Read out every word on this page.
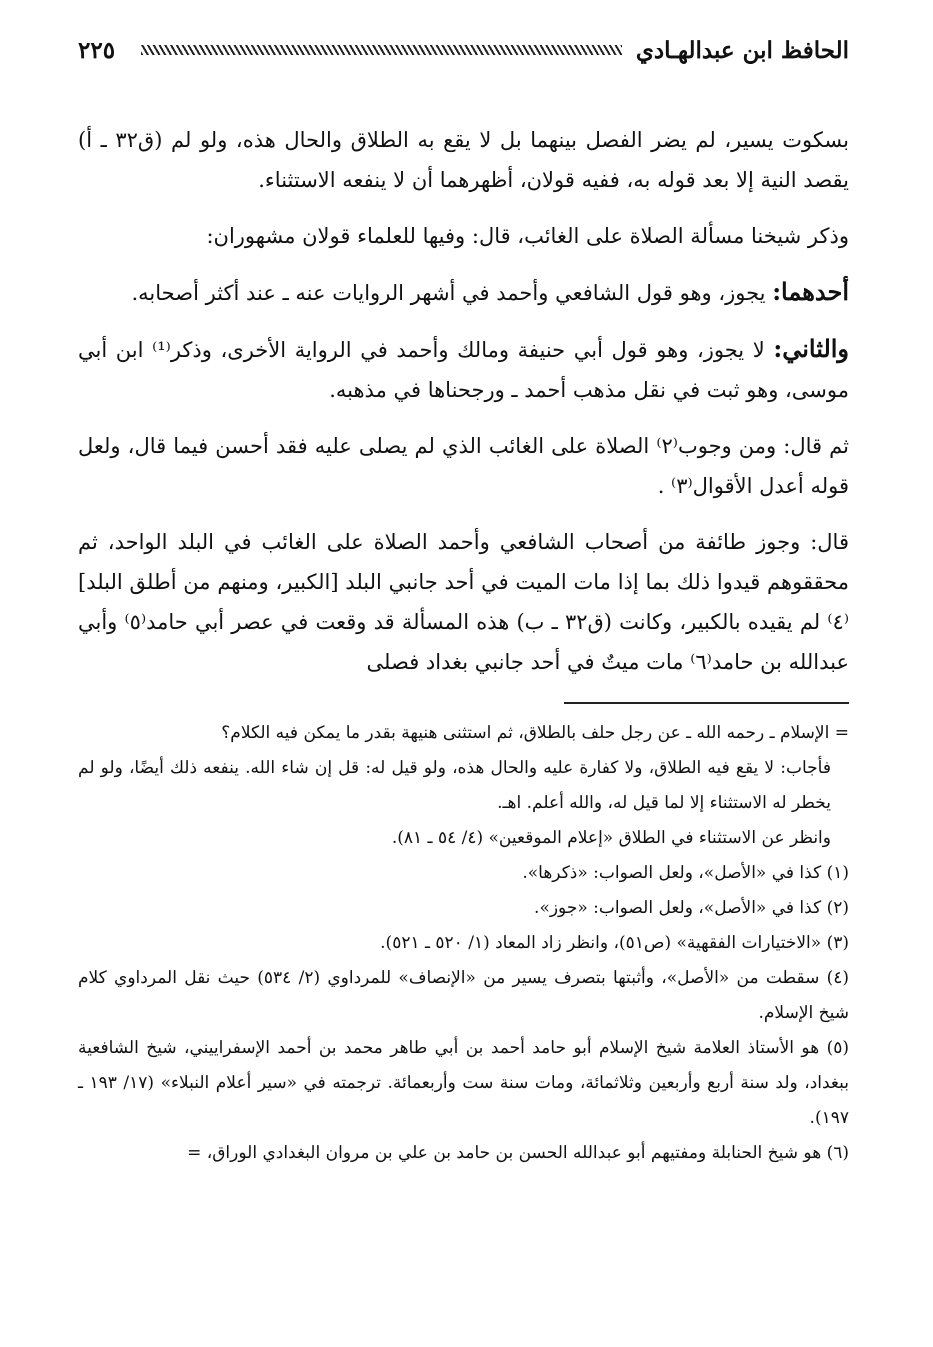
الحافظ ابن عبدالهـادي
٢٢٥

بسكوت يسير، لم يضر الفصل بينهما بل لا يقع به الطلاق والحال هذه، ولو لم (ق٣٢ ـ أ) يقصد النية إلا بعد قوله به، ففيه قولان، أظهرهما أن لا ينفعه الاستثناء.

وذكر شيخنا مسألة الصلاة على الغائب، قال: وفيها للعلماء قولان مشهوران:

أحدهما: يجوز، وهو قول الشافعي وأحمد في أشهر الروايات عنه ـ عند أكثر أصحابه.

والثاني: لا يجوز، وهو قول أبي حنيفة ومالك وأحمد في الرواية الأخرى، وذكر⁽¹⁾ ابن أبي موسى، وهو ثبت في نقل مذهب أحمد ـ ورجحناها في مذهبه.

ثم قال: ومن وجوب⁽٢⁾ الصلاة على الغائب الذي لم يصلى عليه فقد أحسن فيما قال، ولعل قوله أعدل الأقوال⁽٣⁾ .

قال: وجوز طائفة من أصحاب الشافعي وأحمد الصلاة على الغائب في البلد الواحد، ثم محققوهم قيدوا ذلك بما إذا مات الميت في أحد جانبي البلد [الكبير، ومنهم من أطلق البلد]⁽٤⁾ لم يقيده بالكبير، وكانت (ق٣٢ ـ ب) هذه المسألة قد وقعت في عصر أبي حامد⁽٥⁾ وأبي عبدالله بن حامد⁽٦⁾ مات ميتٌ في أحد جانبي بغداد فصلى

= الإسلام ـ رحمه الله ـ عن رجل حلف بالطلاق، ثم استثنى هنيهة بقدر ما يمكن فيه الكلام؟

فأجاب: لا يقع فيه الطلاق، ولا كفارة عليه والحال هذه، ولو قيل له: قل إن شاء الله. ينفعه ذلك أيضًا، ولو لم يخطر له الاستثناء إلا لما قيل له، والله أعلم. اهـ.

وانظر عن الاستثناء في الطلاق «إعلام الموقعين» (٤/ ٥٤ ـ ٨١).

(١) كذا في «الأصل»، ولعل الصواب: «ذكرها».

(٢) كذا في «الأصل»، ولعل الصواب: «جوز».

(٣) «الاختيارات الفقهية» (ص٥١)، وانظر زاد المعاد (١/ ٥٢٠ ـ ٥٢١).

(٤) سقطت من «الأصل»، وأثبتها بتصرف يسير من «الإنصاف» للمرداوي (٢/ ٥٣٤) حيث نقل المرداوي كلام شيخ الإسلام.

(٥) هو الأستاذ العلامة شيخ الإسلام أبو حامد أحمد بن أبي طاهر محمد بن أحمد الإسفراييني، شيخ الشافعية ببغداد، ولد سنة أربع وأربعين وثلاثمائة، ومات سنة ست وأربعمائة. ترجمته في «سير أعلام النبلاء» (١٧/ ١٩٣ ـ ١٩٧).

(٦) هو شيخ الحنابلة ومفتيهم أبو عبدالله الحسن بن حامد بن علي بن مروان البغدادي الوراق، =
